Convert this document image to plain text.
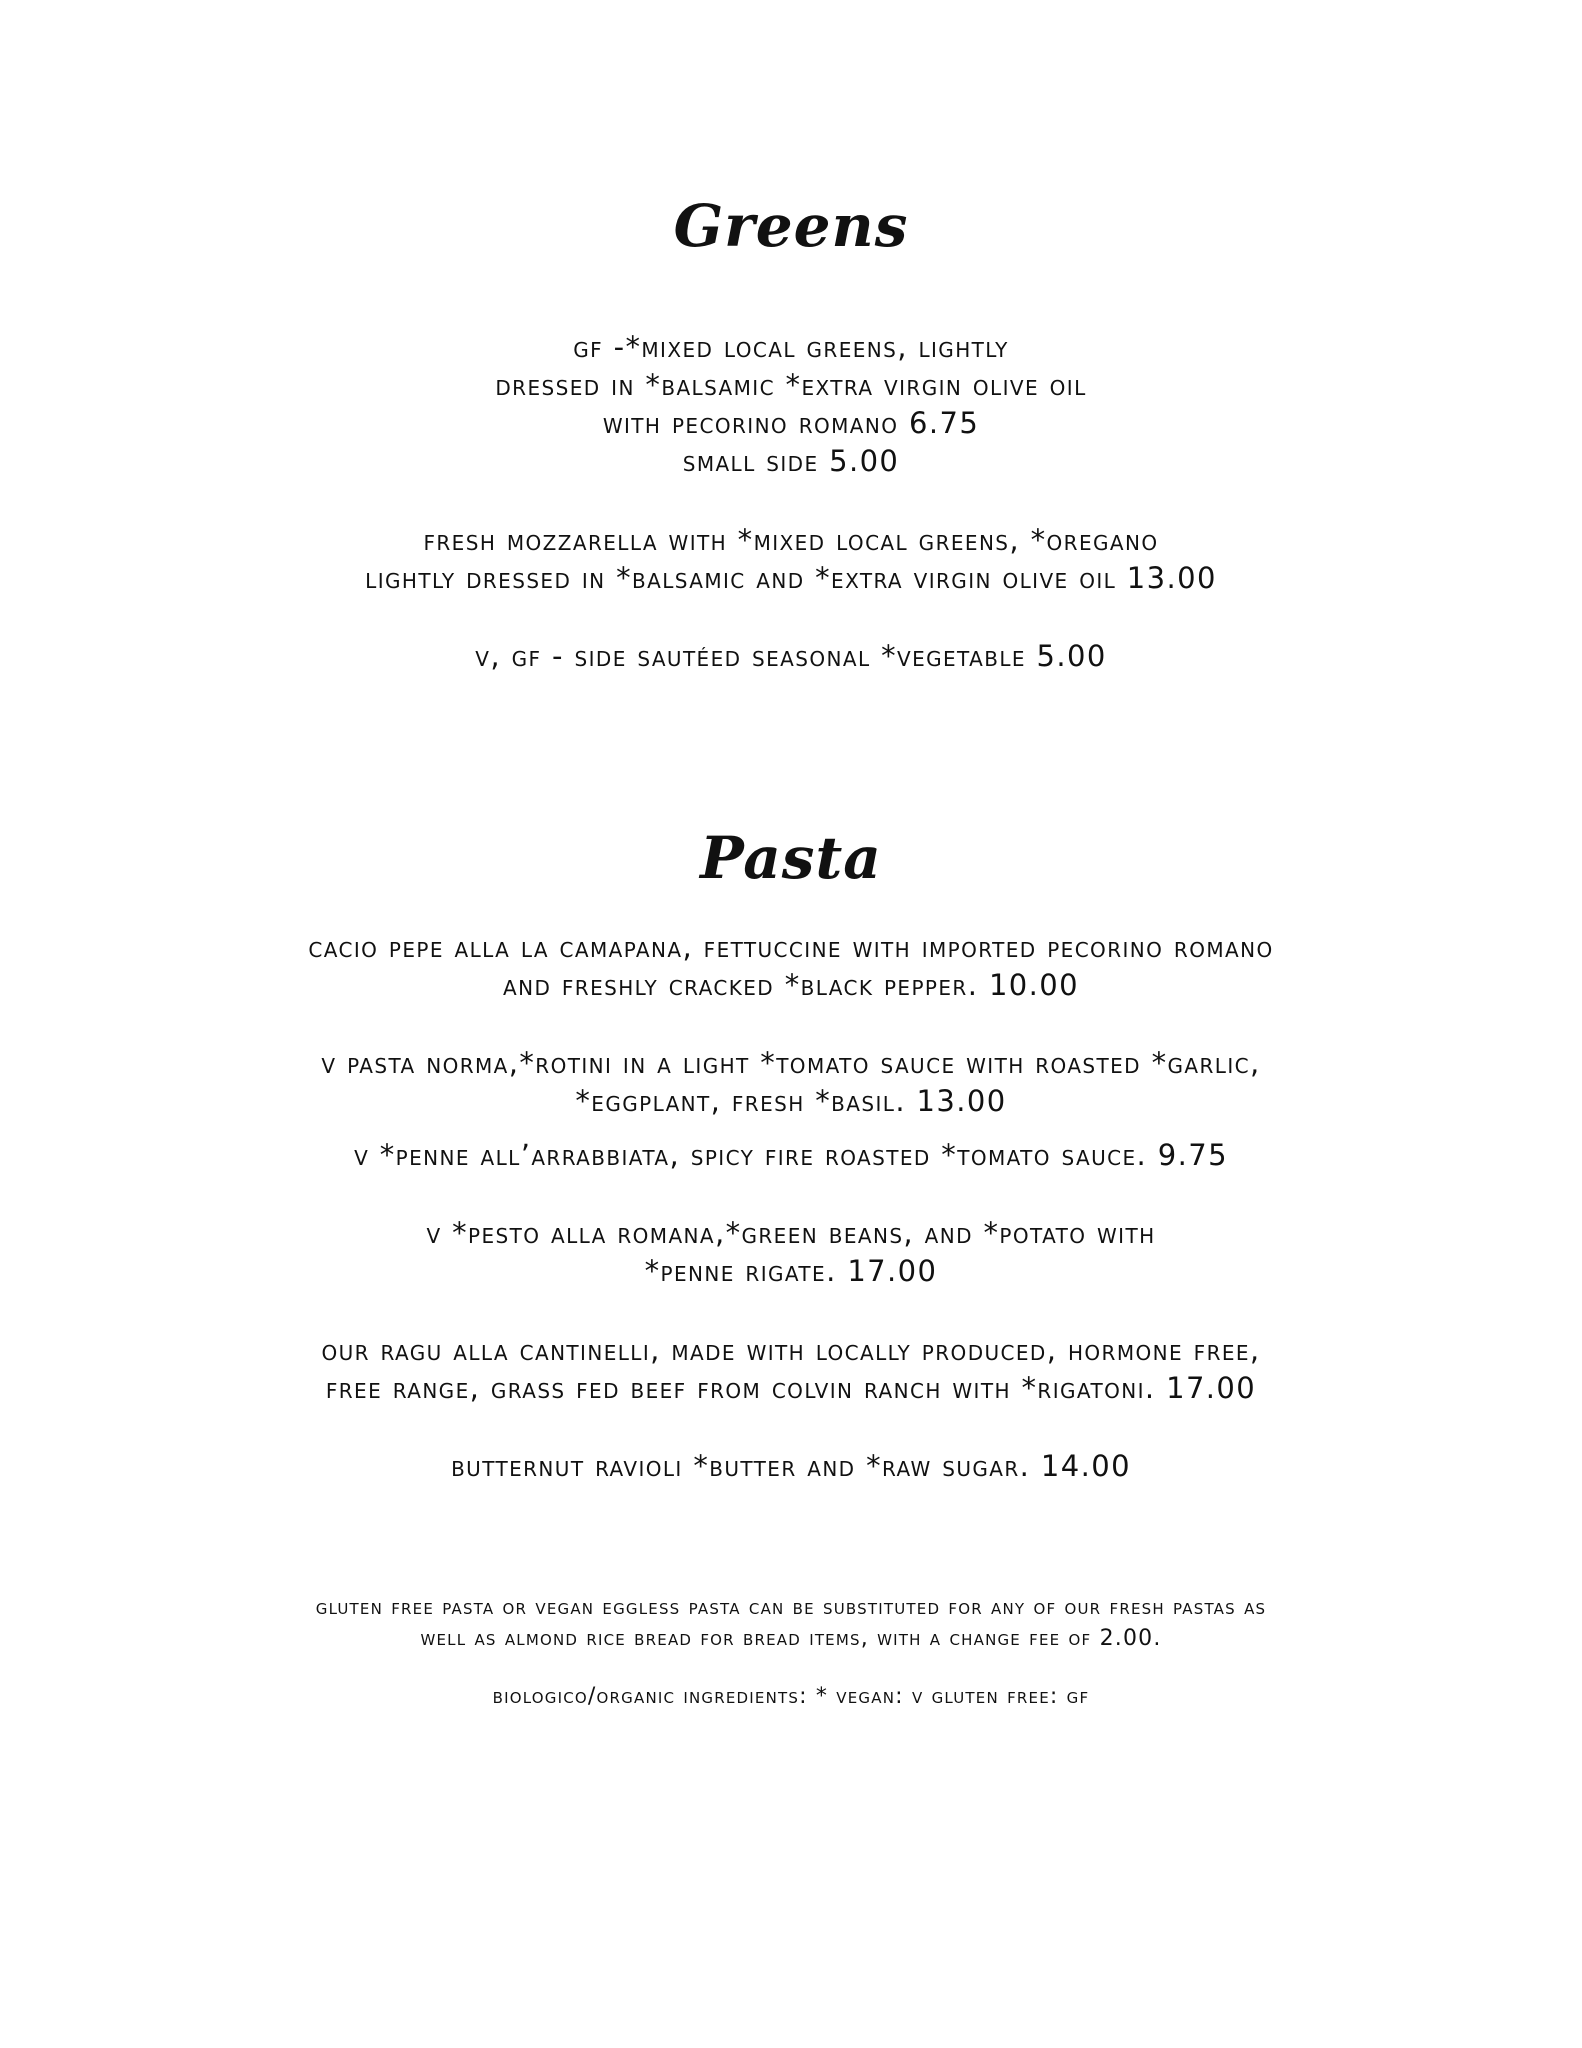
Greens
gf -*mixed local greens, lightly
dressed in *balsamic *extra virgin olive oil
with pecorino romano 6.75
small side 5.00
fresh mozzarella with *mixed local greens, *oregano
lightly dressed in *balsamic and *extra virgin olive oil 13.00
v, gf - side sautéed seasonal *vegetable 5.00
Pasta
cacio pepe alla la camapana, fettuccine with imported pecorino romano
and freshly cracked *black pepper. 10.00
v pasta norma,*rotini in a light *tomato sauce with roasted *garlic,
*eggplant, fresh *basil. 13.00
v *penne all’arrabbiata, spicy fire roasted *tomato sauce. 9.75
v *pesto alla romana,*green beans, and *potato with
*penne rigate. 17.00
our ragu alla cantinelli, made with locally produced, hormone free,
free range, grass fed beef from colvin ranch with *rigatoni. 17.00
butternut ravioli *butter and *raw sugar. 14.00
gluten free pasta or vegan eggless pasta can be substituted for any of our fresh pastas as
well as almond rice bread for bread items, with a change fee of 2.00.
biologico/organic ingredients: * vegan: v gluten free: gf
